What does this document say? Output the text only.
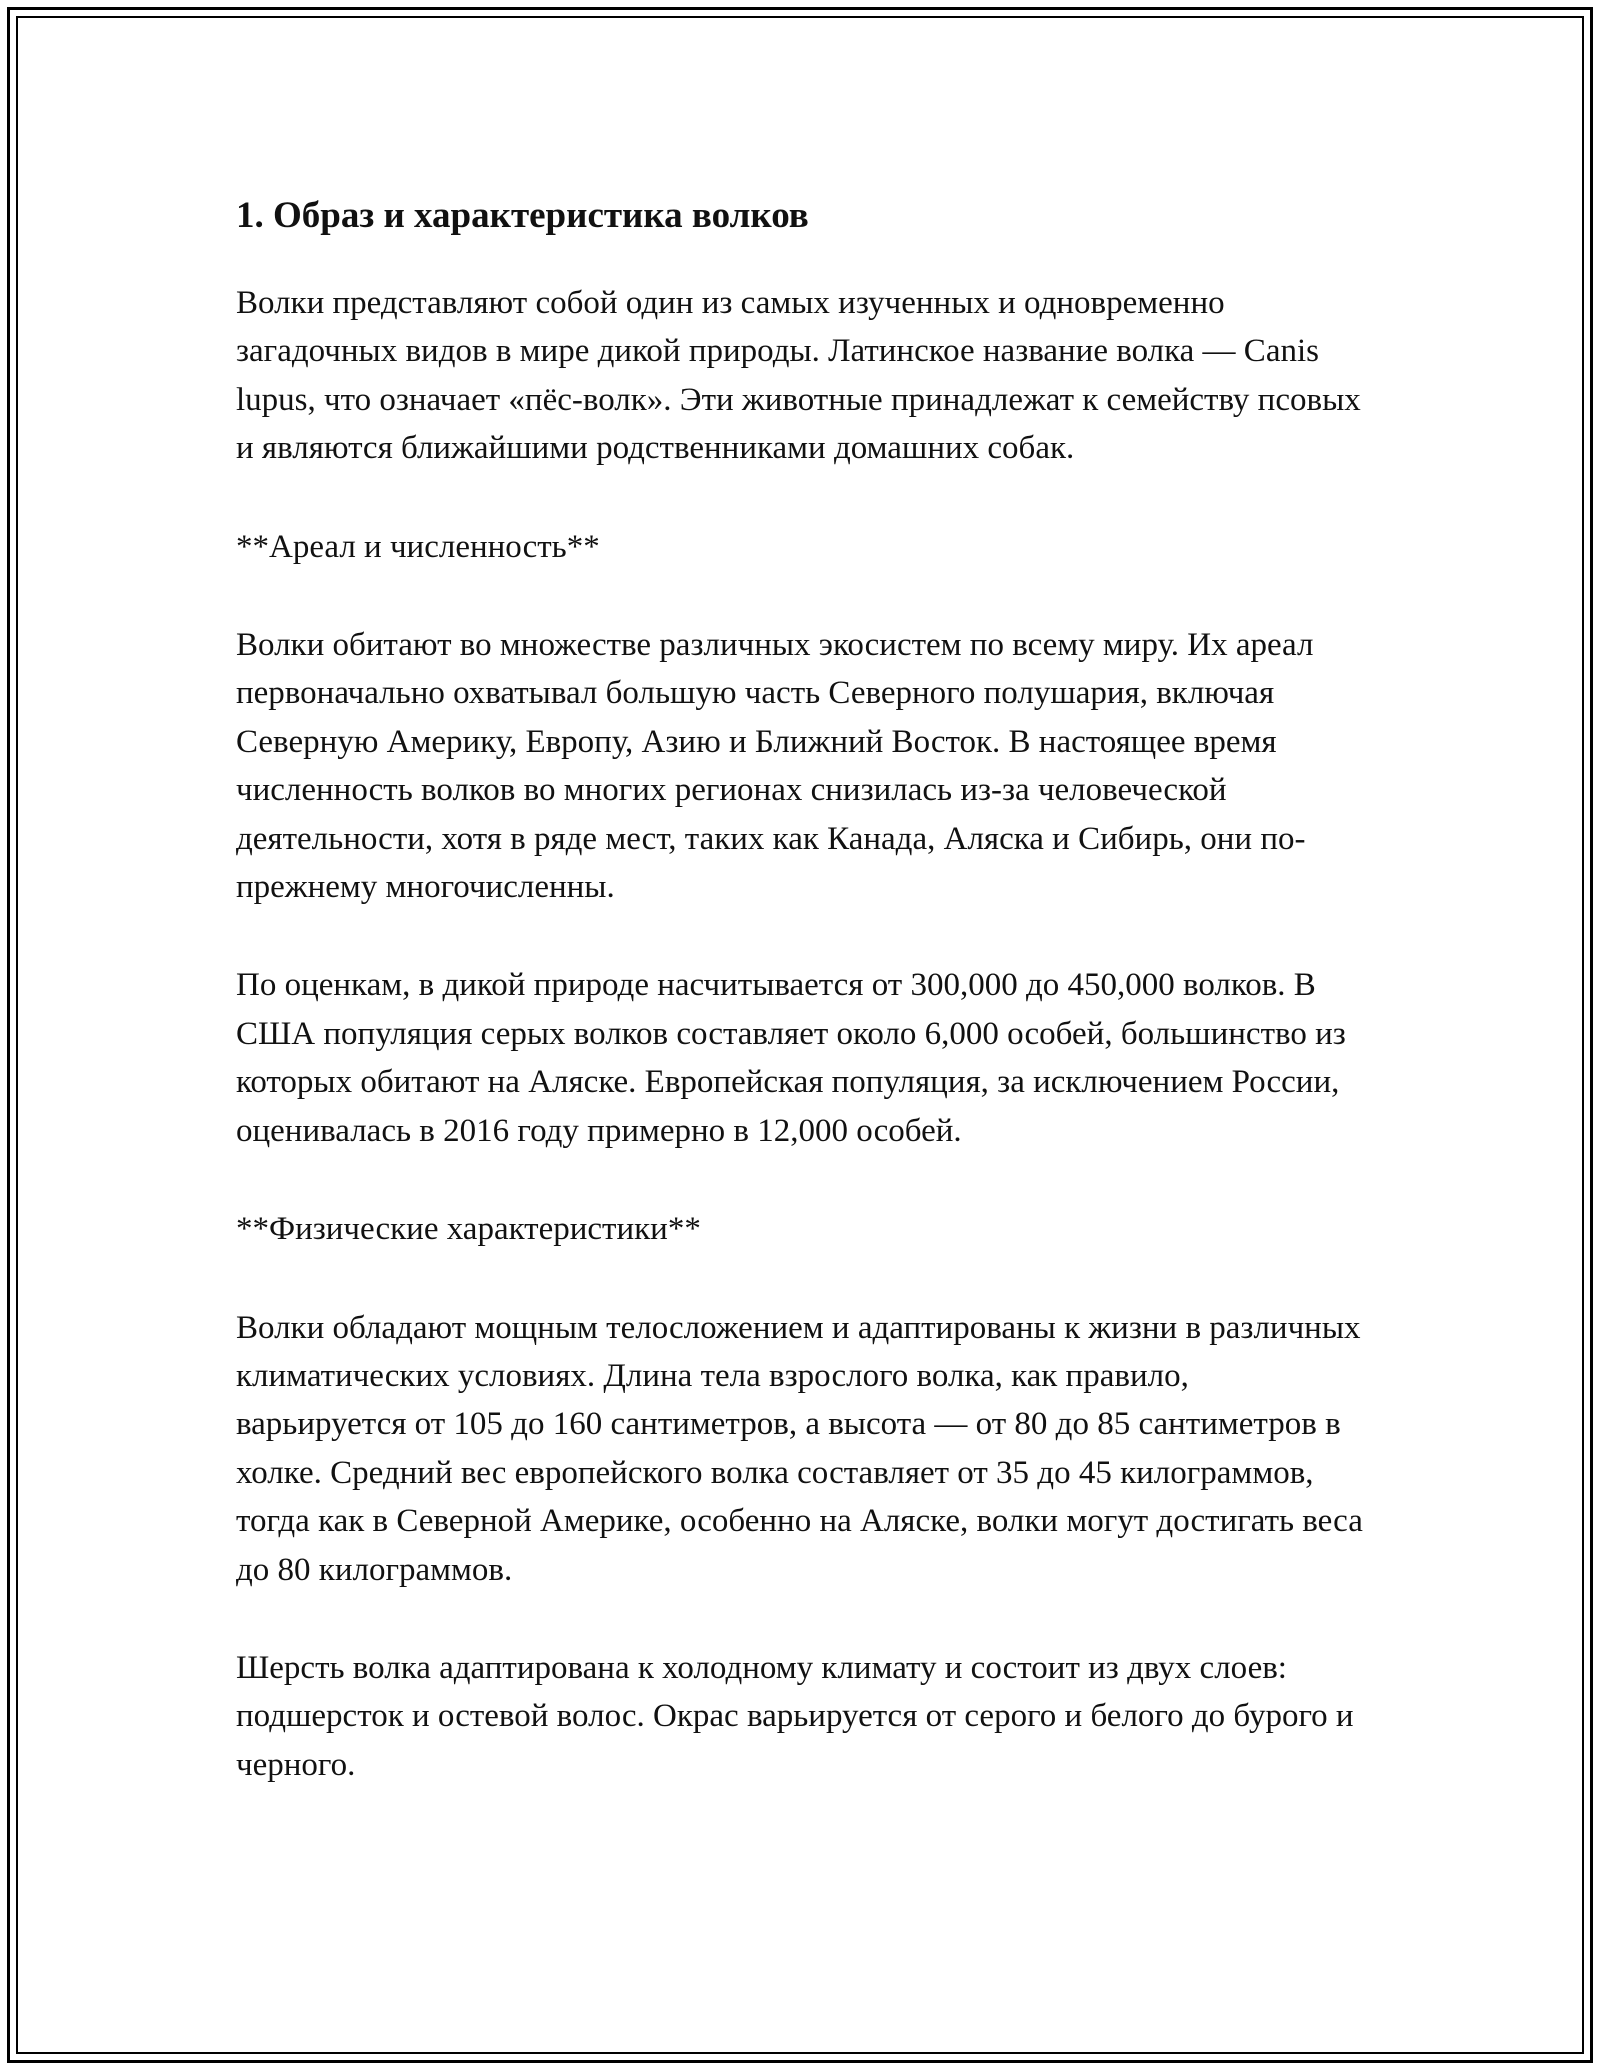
1. Образ и характеристика волков

Волки представляют собой один из самых изученных и одновременно загадочных видов в мире дикой природы. Латинское название волка — Canis lupus, что означает «пёс-волк». Эти животные принадлежат к семейству псовых и являются ближайшими родственниками домашних собак.

**Ареал и численность**

Волки обитают во множестве различных экосистем по всему миру. Их ареал первоначально охватывал большую часть Северного полушария, включая Северную Америку, Европу, Азию и Ближний Восток. В настоящее время численность волков во многих регионах снизилась из-за человеческой деятельности, хотя в ряде мест, таких как Канада, Аляска и Сибирь, они по-прежнему многочисленны.

По оценкам, в дикой природе насчитывается от 300,000 до 450,000 волков. В США популяция серых волков составляет около 6,000 особей, большинство из которых обитают на Аляске. Европейская популяция, за исключением России, оценивалась в 2016 году примерно в 12,000 особей.

**Физические характеристики**

Волки обладают мощным телосложением и адаптированы к жизни в различных климатических условиях. Длина тела взрослого волка, как правило, варьируется от 105 до 160 сантиметров, а высота — от 80 до 85 сантиметров в холке. Средний вес европейского волка составляет от 35 до 45 килограммов, тогда как в Северной Америке, особенно на Аляске, волки могут достигать веса до 80 килограммов.

Шерсть волка адаптирована к холодному климату и состоит из двух слоев: подшерсток и остевой волос. Окрас варьируется от серого и белого до бурого и черного.
